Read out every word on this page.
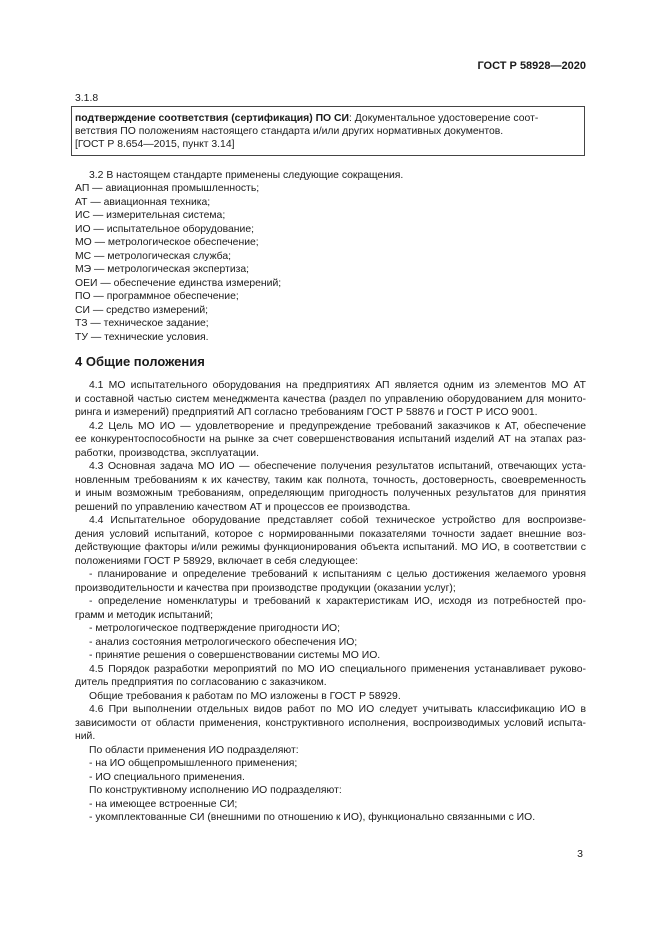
ГОСТ Р 58928—2020
3.1.8
подтверждение соответствия (сертификация) ПО СИ: Документальное удостоверение соот-
ветствия ПО положениям настоящего стандарта и/или других нормативных документов.
[ГОСТ Р 8.654—2015, пункт 3.14]
3.2 В настоящем стандарте применены следующие сокращения.
АП — авиационная промышленность;
АТ — авиационная техника;
ИС — измерительная система;
ИО — испытательное оборудование;
МО — метрологическое обеспечение;
МС — метрологическая служба;
МЭ — метрологическая экспертиза;
ОЕИ — обеспечение единства измерений;
ПО — программное обеспечение;
СИ — средство измерений;
ТЗ — техническое задание;
ТУ — технические условия.
4 Общие положения
4.1 МО испытательного оборудования на предприятиях АП является одним из элементов МО АТ
и составной частью систем менеджмента качества (раздел по управлению оборудованием для монито-
ринга и измерений) предприятий АП согласно требованиям ГОСТ Р 58876 и ГОСТ Р ИСО 9001.
4.2 Цель МО ИО — удовлетворение и предупреждение требований заказчиков к АТ, обеспечение
ее конкурентоспособности на рынке за счет совершенствования испытаний изделий АТ на этапах раз-
работки, производства, эксплуатации.
4.3 Основная задача МО ИО — обеспечение получения результатов испытаний, отвечающих уста-
новленным требованиям к их качеству, таким как полнота, точность, достоверность, своевременность
и иным возможным требованиям, определяющим пригодность полученных результатов для принятия
решений по управлению качеством АТ и процессов ее производства.
4.4 Испытательное оборудование представляет собой техническое устройство для воспроизве-
дения условий испытаний, которое с нормированными показателями точности задает внешние воз-
действующие факторы и/или режимы функционирования объекта испытаний. МО ИО, в соответствии с
положениями ГОСТ Р 58929, включает в себя следующее:
- планирование и определение требований к испытаниям с целью достижения желаемого уровня
производительности и качества при производстве продукции (оказании услуг);
- определение номенклатуры и требований к характеристикам ИО, исходя из потребностей про-
грамм и методик испытаний;
- метрологическое подтверждение пригодности ИО;
- анализ состояния метрологического обеспечения ИО;
- принятие решения о совершенствовании системы МО ИО.
4.5 Порядок разработки мероприятий по МО ИО специального применения устанавливает руково-
дитель предприятия по согласованию с заказчиком.
Общие требования к работам по МО изложены в ГОСТ Р 58929.
4.6 При выполнении отдельных видов работ по МО ИО следует учитывать классификацию ИО в
зависимости от области применения, конструктивного исполнения, воспроизводимых условий испыта-
ний.
По области применения ИО подразделяют:
- на ИО общепромышленного применения;
- ИО специального применения.
По конструктивному исполнению ИО подразделяют:
- на имеющее встроенные СИ;
- укомплектованные СИ (внешними по отношению к ИО), функционально связанными с ИО.
3
